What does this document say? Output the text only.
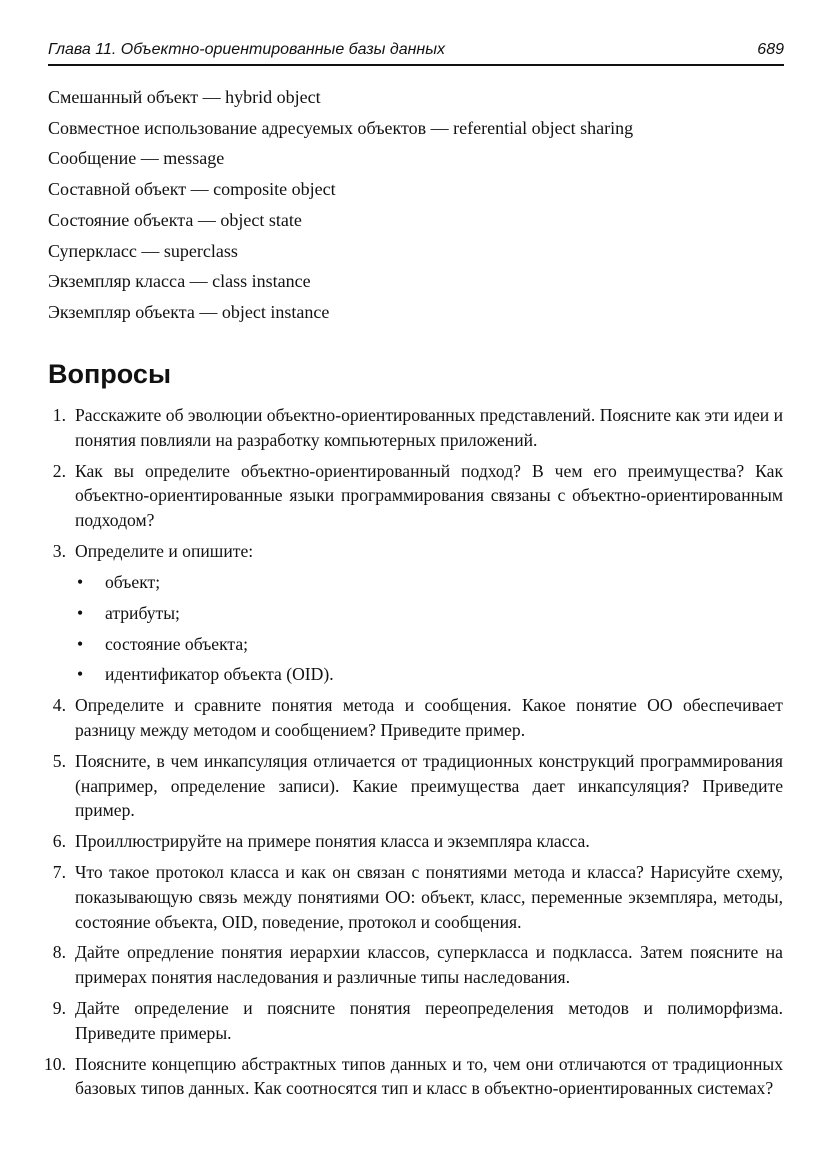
Глава 11. Объектно-ориентированные базы данных	689
Смешанный объект — hybrid object
Совместное использование адресуемых объектов — referential object sharing
Сообщение — message
Составной объект — composite object
Состояние объекта — object state
Суперкласс — superclass
Экземпляр класса — class instance
Экземпляр объекта — object instance
Вопросы
1. Расскажите об эволюции объектно-ориентированных представлений. Поясните как эти идеи и понятия повлияли на разработку компьютерных приложений.
2. Как вы определите объектно-ориентированный подход? В чем его преимущества? Как объектно-ориентированные языки программирования связаны с объектно-ориентированным подходом?
3. Определите и опишите:
• объект;
• атрибуты;
• состояние объекта;
• идентификатор объекта (OID).
4. Определите и сравните понятия метода и сообщения. Какое понятие ОО обеспечивает разницу между методом и сообщением? Приведите пример.
5. Поясните, в чем инкапсуляция отличается от традиционных конструкций программирования (например, определение записи). Какие преимущества дает инкапсуляция? Приведите пример.
6. Проиллюстрируйте на примере понятия класса и экземпляра класса.
7. Что такое протокол класса и как он связан с понятиями метода и класса? Нарисуйте схему, показывающую связь между понятиями ОО: объект, класс, переменные экземпляра, методы, состояние объекта, OID, поведение, протокол и сообщения.
8. Дайте опредление понятия иерархии классов, суперкласса и подкласса. Затем поясните на примерах понятия наследования и различные типы наследования.
9. Дайте определение и поясните понятия переопределения методов и полиморфизма. Приведите примеры.
10. Поясните концепцию абстрактных типов данных и то, чем они отличаются от традиционных базовых типов данных. Как соотносятся тип и класс в объектно-ориентированных системах?
